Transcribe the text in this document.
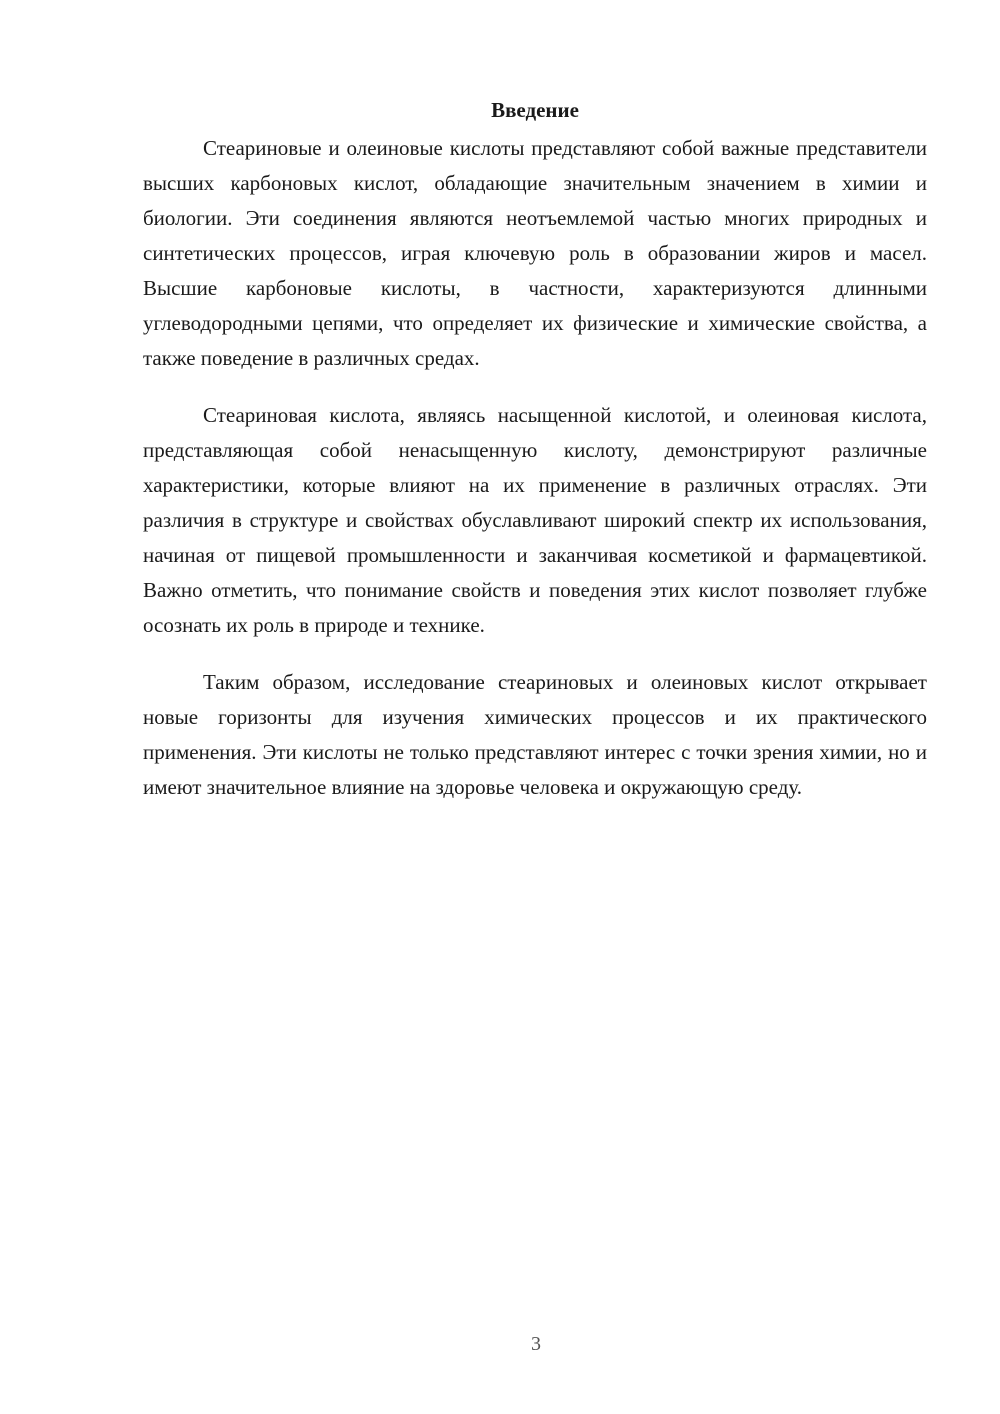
Введение

Стеариновые и олеиновые кислоты представляют собой важные представители высших карбоновых кислот, обладающие значительным значением в химии и биологии. Эти соединения являются неотъемлемой частью многих природных и синтетических процессов, играя ключевую роль в образовании жиров и масел. Высшие карбоновые кислоты, в частности, характеризуются длинными углеводородными цепями, что определяет их физические и химические свойства, а также поведение в различных средах.

Стеариновая кислота, являясь насыщенной кислотой, и олеиновая кислота, представляющая собой ненасыщенную кислоту, демонстрируют различные характеристики, которые влияют на их применение в различных отраслях. Эти различия в структуре и свойствах обуславливают широкий спектр их использования, начиная от пищевой промышленности и заканчивая косметикой и фармацевтикой. Важно отметить, что понимание свойств и поведения этих кислот позволяет глубже осознать их роль в природе и технике.

Таким образом, исследование стеариновых и олеиновых кислот открывает новые горизонты для изучения химических процессов и их практического применения. Эти кислоты не только представляют интерес с точки зрения химии, но и имеют значительное влияние на здоровье человека и окружающую среду.

3
